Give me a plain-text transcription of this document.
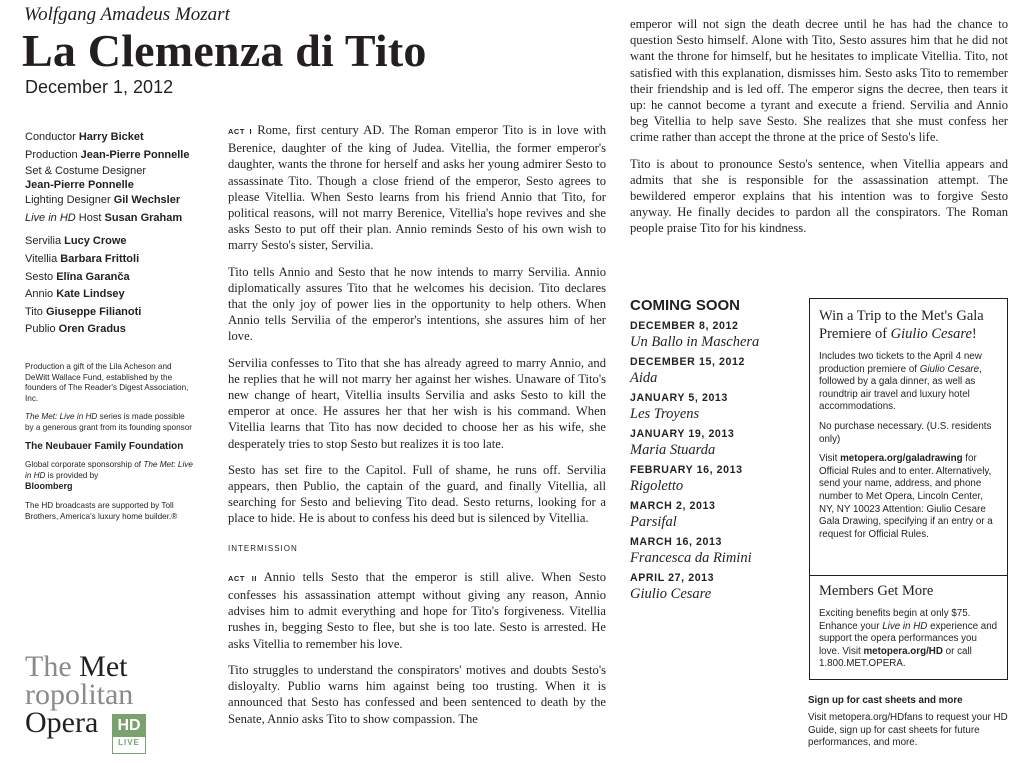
Wolfgang Amadeus Mozart
La Clemenza di Tito
December 1, 2012
Conductor Harry Bicket
Production Jean-Pierre Ponnelle
Set & Costume Designer
Jean-Pierre Ponnelle
Lighting Designer Gil Wechsler
Live in HD Host Susan Graham
Servilia Lucy Crowe
Vitellia Barbara Frittoli
Sesto Elīna Garanča
Annio Kate Lindsey
Tito Giuseppe Filianoti
Publio Oren Gradus

Production a gift of the Lila Acheson and DeWitt Wallace Fund, established by the founders of The Reader's Digest Association, Inc.

The Met: Live in HD series is made possible by a generous grant from its founding sponsor

The Neubauer Family Foundation

Global corporate sponsorship of The Met: Live in HD is provided by
Bloomberg

The HD broadcasts are supported by Toll Brothers, America's luxury home builder.®

The Met
ropolitan
Opera HD
LIVE

ACT I Rome, first century AD. The Roman emperor Tito is in love with Berenice, daughter of the king of Judea. Vitellia, the former emperor's daughter, wants the throne for herself and asks her young admirer Sesto to assassinate Tito. Though a close friend of the emperor, Sesto agrees to please Vitellia. When Sesto learns from his friend Annio that Tito, for political reasons, will not marry Berenice, Vitellia's hope revives and she asks Sesto to put off their plan. Annio reminds Sesto of his own wish to marry Sesto's sister, Servilia.

Tito tells Annio and Sesto that he now intends to marry Servilia. Annio diplomatically assures Tito that he welcomes his decision. Tito declares that the only joy of power lies in the opportunity to help others. When Annio tells Servilia of the emperor's intentions, she assures him of her love.

Servilia confesses to Tito that she has already agreed to marry Annio, and he replies that he will not marry her against her wishes. Unaware of Tito's new change of heart, Vitellia insults Servilia and asks Sesto to kill the emperor at once. He assures her that her wish is his command. When Vitellia learns that Tito has now decided to choose her as his wife, she desperately tries to stop Sesto but realizes it is too late.

Sesto has set fire to the Capitol. Full of shame, he runs off. Servilia appears, then Publio, the captain of the guard, and finally Vitellia, all searching for Sesto and believing Tito dead. Sesto returns, looking for a place to hide. He is about to confess his deed but is silenced by Vitellia.

INTERMISSION

ACT II Annio tells Sesto that the emperor is still alive. When Sesto confesses his assassination attempt without giving any reason, Annio advises him to admit everything and hope for Tito's forgiveness. Vitellia rushes in, begging Sesto to flee, but she is too late. Sesto is arrested. He asks Vitellia to remember his love.

Tito struggles to understand the conspirators' motives and doubts Sesto's disloyalty. Publio warns him against being too trusting. When it is announced that Sesto has confessed and been sentenced to death by the Senate, Annio asks Tito to show compassion. The

emperor will not sign the death decree until he has had the chance to question Sesto himself. Alone with Tito, Sesto assures him that he did not want the throne for himself, but he hesitates to implicate Vitellia. Tito, not satisfied with this explanation, dismisses him. Sesto asks Tito to remember their friendship and is led off. The emperor signs the decree, then tears it up: he cannot become a tyrant and execute a friend. Servilia and Annio beg Vitellia to help save Sesto. She realizes that she must confess her crime rather than accept the throne at the price of Sesto's life.

Tito is about to pronounce Sesto's sentence, when Vitellia appears and admits that she is responsible for the assassination attempt. The bewildered emperor explains that his intention was to forgive Sesto anyway. He finally decides to pardon all the conspirators. The Roman people praise Tito for his kindness.

COMING SOON
DECEMBER 8, 2012
Un Ballo in Maschera
DECEMBER 15, 2012
Aida
JANUARY 5, 2013
Les Troyens
JANUARY 19, 2013
Maria Stuarda
FEBRUARY 16, 2013
Rigoletto
MARCH 2, 2013
Parsifal
MARCH 16, 2013
Francesca da Rimini
APRIL 27, 2013
Giulio Cesare
Win a Trip to the Met's Gala Premiere of Giulio Cesare!

Includes two tickets to the April 4 new production premiere of Giulio Cesare, followed by a gala dinner, as well as roundtrip air travel and luxury hotel accommodations.

No purchase necessary. (U.S. residents only)

Visit metopera.org/galadrawing for Official Rules and to enter. Alternatively, send your name, address, and phone number to Met Opera, Lincoln Center, NY, NY 10023 Attention: Giulio Cesare Gala Drawing, specifying if an entry or a request for Official Rules.

Members Get More
Exciting benefits begin at only $75. Enhance your Live in HD experience and support the opera performances you love. Visit metopera.org/HD or call 1.800.MET.OPERA.
Sign up for cast sheets and more
Visit metopera.org/HDfans to request your HD Guide, sign up for cast sheets for future performances, and more.
